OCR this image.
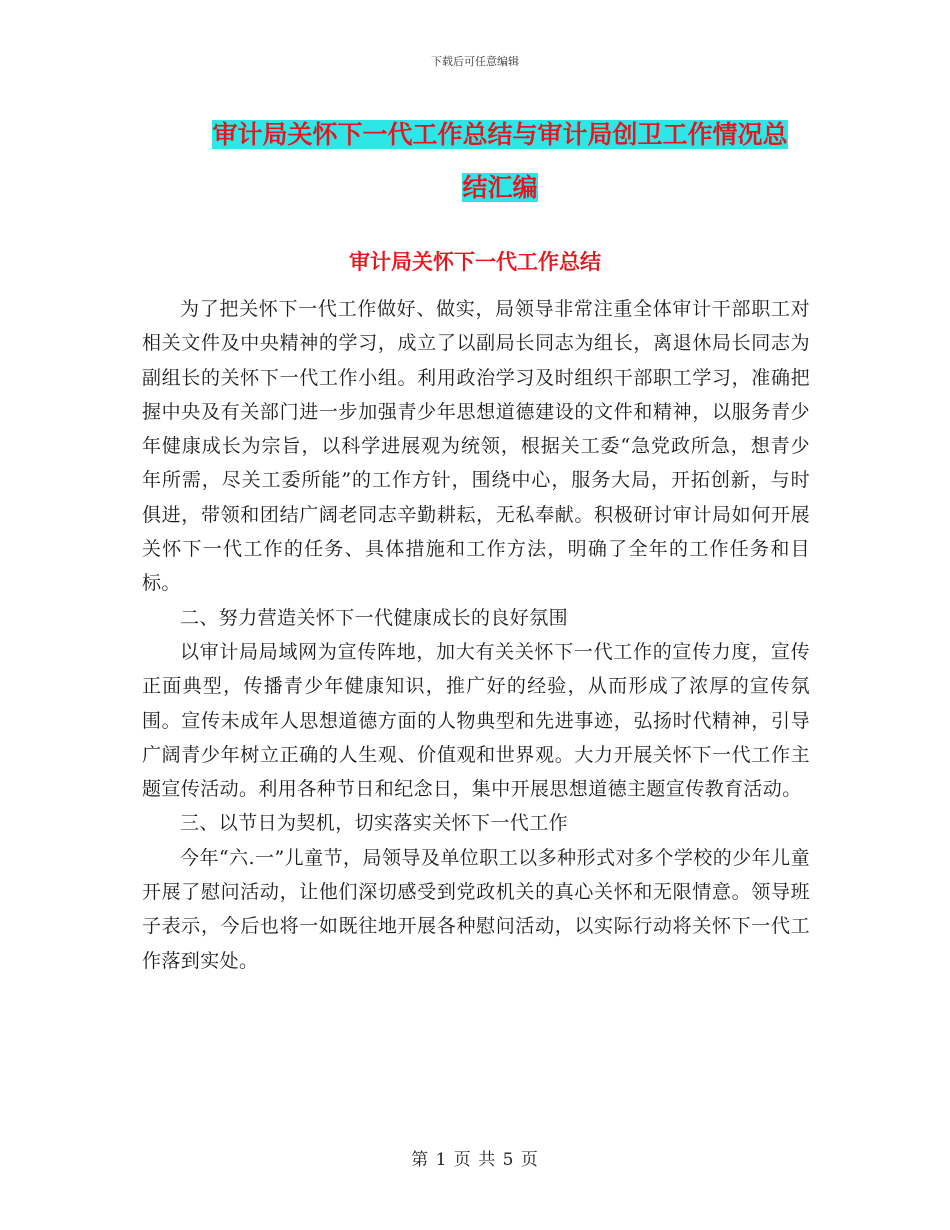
下载后可任意编辑
审计局关怀下一代工作总结与审计局创卫工作情况总
结汇编
审计局关怀下一代工作总结

为了把关怀下一代工作做好、做实，局领导非常注重全体审计干部职工对相关文件及中央精神的学习，成立了以副局长同志为组长，离退休局长同志为副组长的关怀下一代工作小组。利用政治学习及时组织干部职工学习，准确把握中央及有关部门进一步加强青少年思想道德建设的文件和精神，以服务青少年健康成长为宗旨，以科学进展观为统领，根据关工委“急党政所急，想青少年所需，尽关工委所能”的工作方针，围绕中心，服务大局，开拓创新，与时俱进，带领和团结广阔老同志辛勤耕耘，无私奉献。积极研讨审计局如何开展关怀下一代工作的任务、具体措施和工作方法，明确了全年的工作任务和目标。

二、努力营造关怀下一代健康成长的良好氛围

以审计局局域网为宣传阵地，加大有关关怀下一代工作的宣传力度，宣传正面典型，传播青少年健康知识，推广好的经验，从而形成了浓厚的宣传氛围。宣传未成年人思想道德方面的人物典型和先进事迹，弘扬时代精神，引导广阔青少年树立正确的人生观、价值观和世界观。大力开展关怀下一代工作主题宣传活动。利用各种节日和纪念日，集中开展思想道德主题宣传教育活动。

三、以节日为契机，切实落实关怀下一代工作

今年“六.一”儿童节，局领导及单位职工以多种形式对多个学校的少年儿童开展了慰问活动，让他们深切感受到党政机关的真心关怀和无限情意。领导班子表示，今后也将一如既往地开展各种慰问活动，以实际行动将关怀下一代工作落到实处。

第 1 页 共 5 页
